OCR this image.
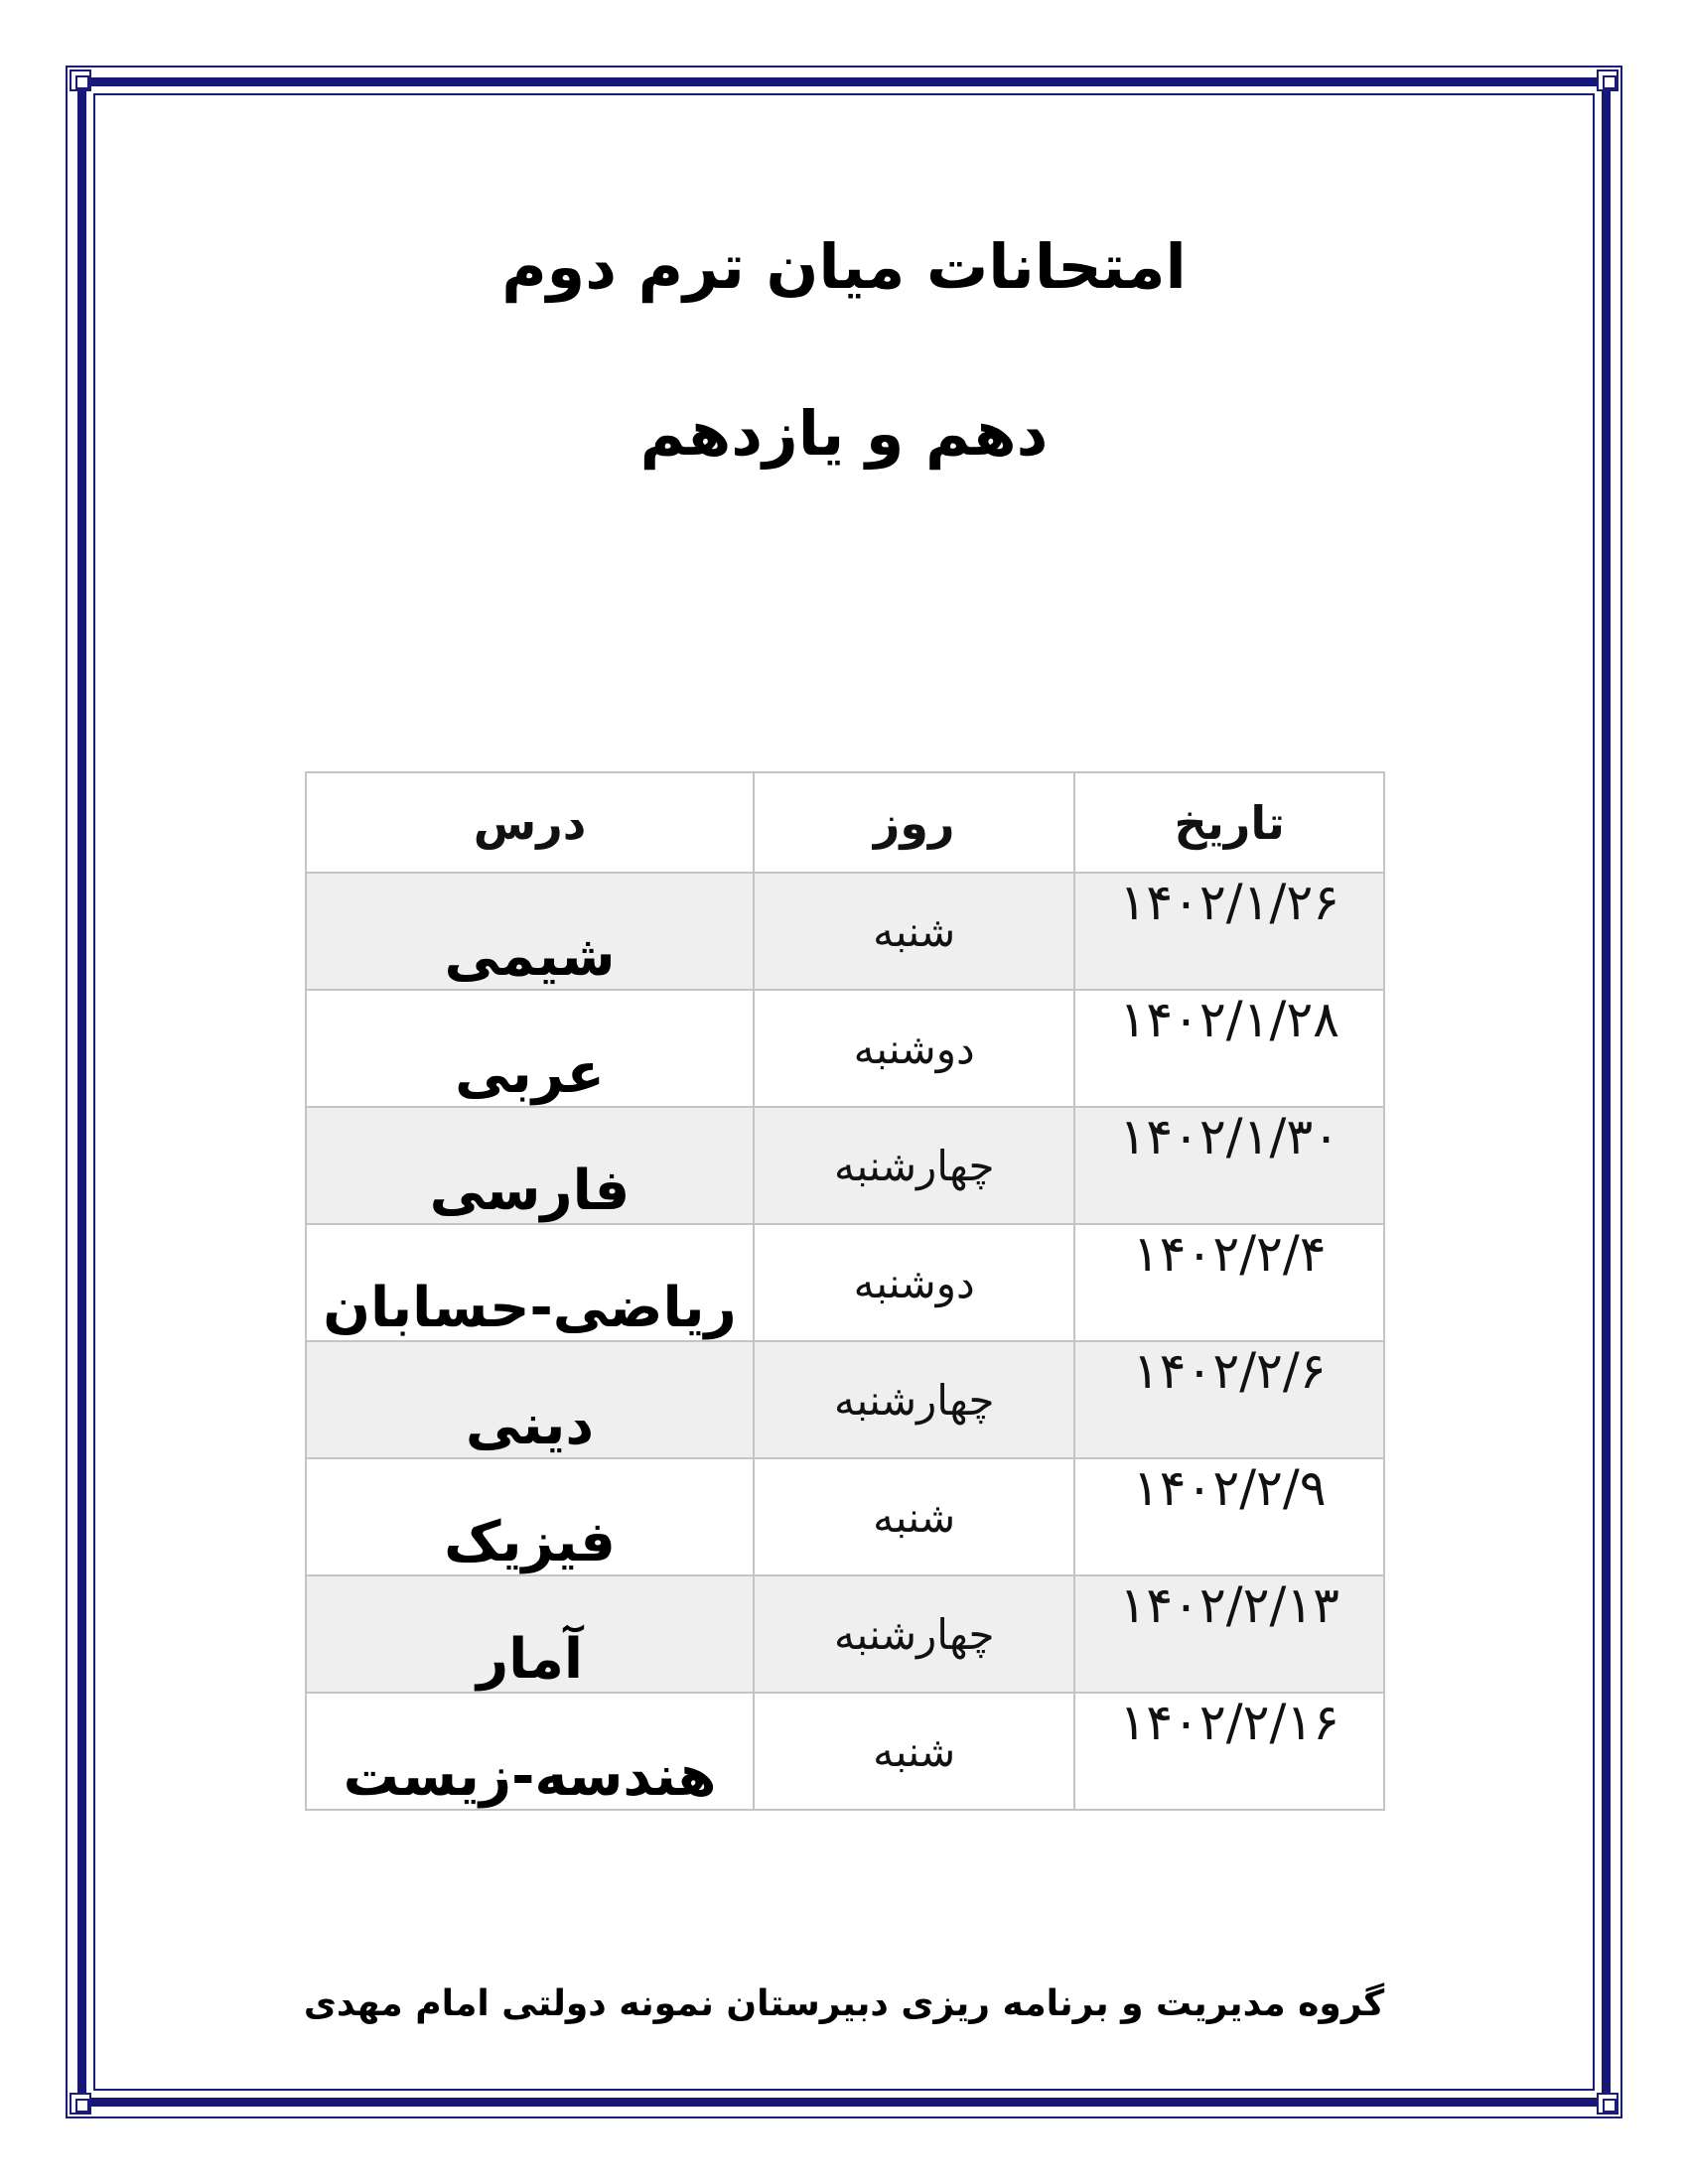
امتحانات میان ترم دوم
دهم و یازدهم
تاریخ	روز	درس
۱۴۰۲/۱/۲۶	شنبه	شیمی
۱۴۰۲/۱/۲۸	دوشنبه	عربی
۱۴۰۲/۱/۳۰	چهارشنبه	فارسی
۱۴۰۲/۲/۴	دوشنبه	ریاضی-حسابان
۱۴۰۲/۲/۶	چهارشنبه	دینی
۱۴۰۲/۲/۹	شنبه	فیزیک
۱۴۰۲/۲/۱۳	چهارشنبه	آمار
۱۴۰۲/۲/۱۶	شنبه	هندسه-زیست
گروه مدیریت و برنامه ریزی دبیرستان نمونه دولتی امام مهدی
